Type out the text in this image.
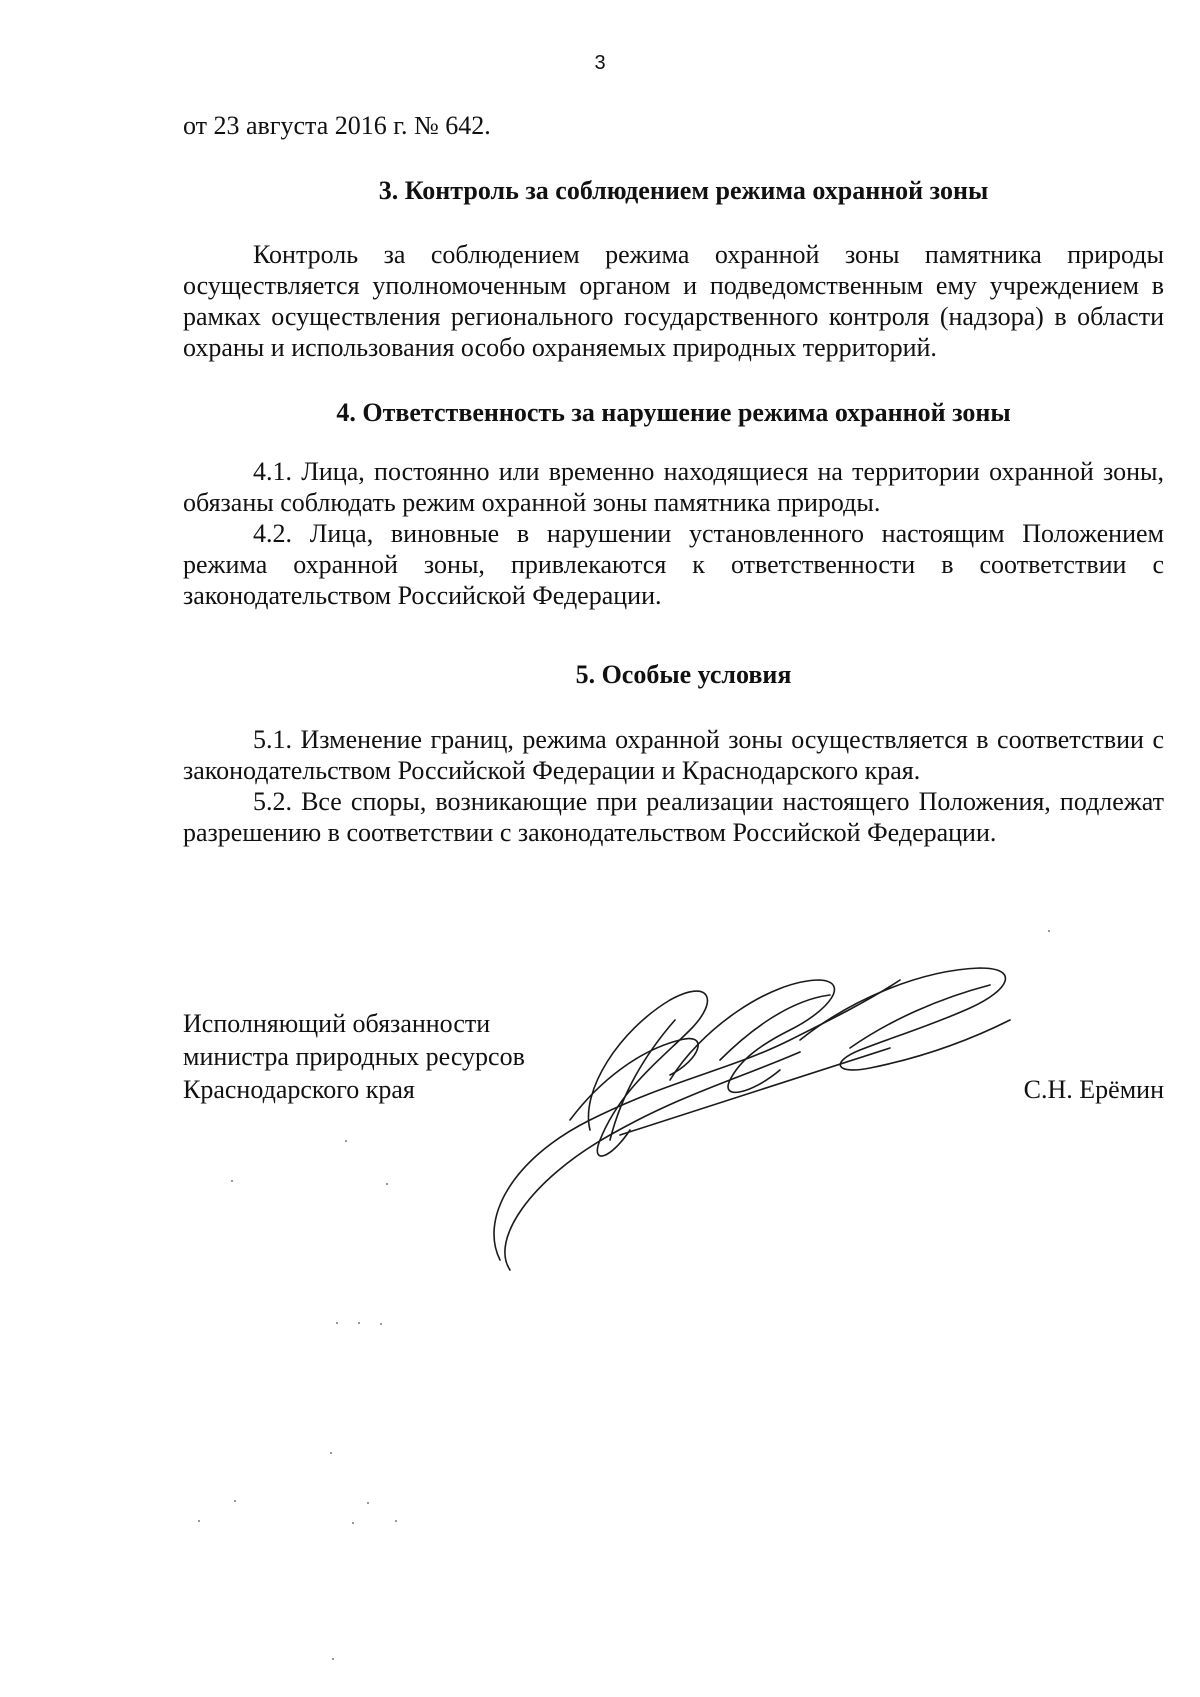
3

от 23 августа 2016 г. № 642.

3. Контроль за соблюдением режима охранной зоны

Контроль за соблюдением режима охранной зоны памятника природы осуществляется уполномоченным органом и подведомственным ему учреждением в рамках осуществления регионального государственного контроля (надзора) в области охраны и использования особо охраняемых природных территорий.

4. Ответственность за нарушение режима охранной зоны

4.1. Лица, постоянно или временно находящиеся на территории охранной зоны, обязаны соблюдать режим охранной зоны памятника природы.

4.2. Лица, виновные в нарушении установленного настоящим Положением режима охранной зоны, привлекаются к ответственности в соответствии с законодательством Российской Федерации.

5. Особые условия

5.1. Изменение границ, режима охранной зоны осуществляется в соответствии с законодательством Российской Федерации и Краснодарского края.

5.2. Все споры, возникающие при реализации настоящего Положения, подлежат разрешению в соответствии с законодательством Российской Федерации.

Исполняющий обязанности
министра природных ресурсов
Краснодарского края	С.Н. Ерёмин
